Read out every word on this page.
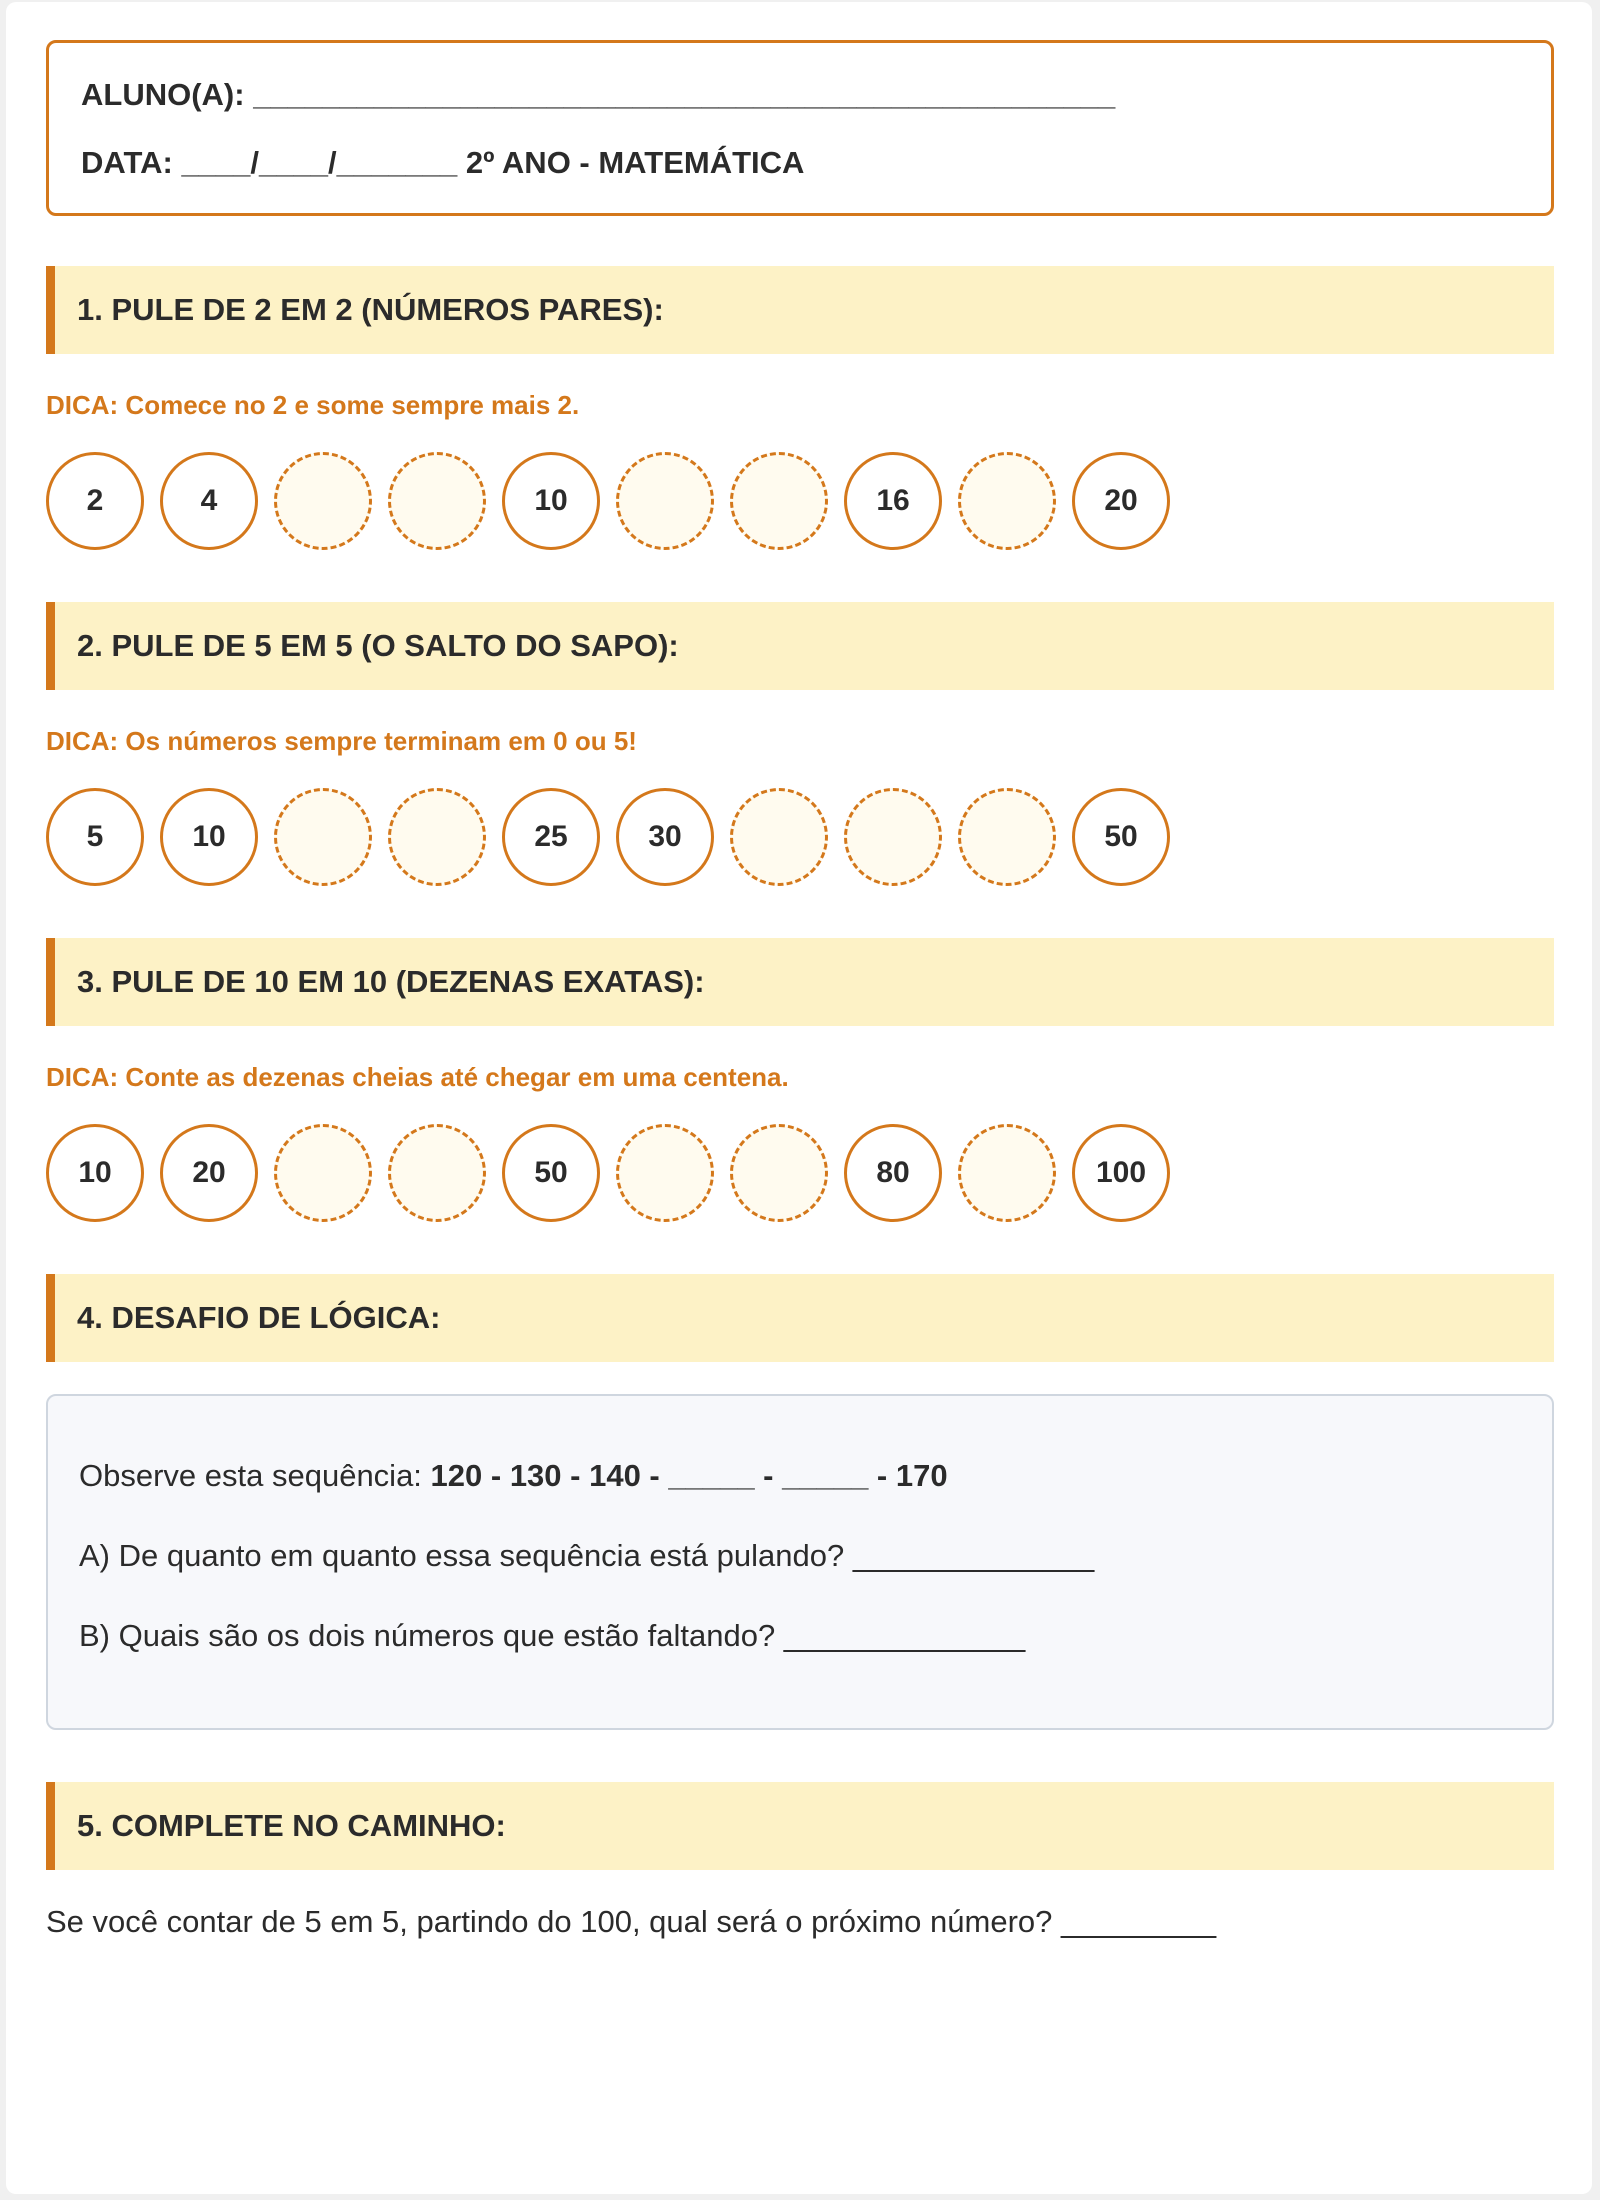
ALUNO(A): __________________________________________________
DATA: ____/____/_______ 2º ANO - MATEMÁTICA
1. PULE DE 2 EM 2 (NÚMEROS PARES):
DICA: Comece no 2 e some sempre mais 2.
2	4	10	16	20
2. PULE DE 5 EM 5 (O SALTO DO SAPO):
DICA: Os números sempre terminam em 0 ou 5!
5	10	25	30	50
3. PULE DE 10 EM 10 (DEZENAS EXATAS):
DICA: Conte as dezenas cheias até chegar em uma centena.
10	20	50	80	100
4. DESAFIO DE LÓGICA:
Observe esta sequência: 120 - 130 - 140 - _____ - _____ - 170
A) De quanto em quanto essa sequência está pulando? ______________
B) Quais são os dois números que estão faltando? ______________
5. COMPLETE NO CAMINHO:
Se você contar de 5 em 5, partindo do 100, qual será o próximo número? _________
